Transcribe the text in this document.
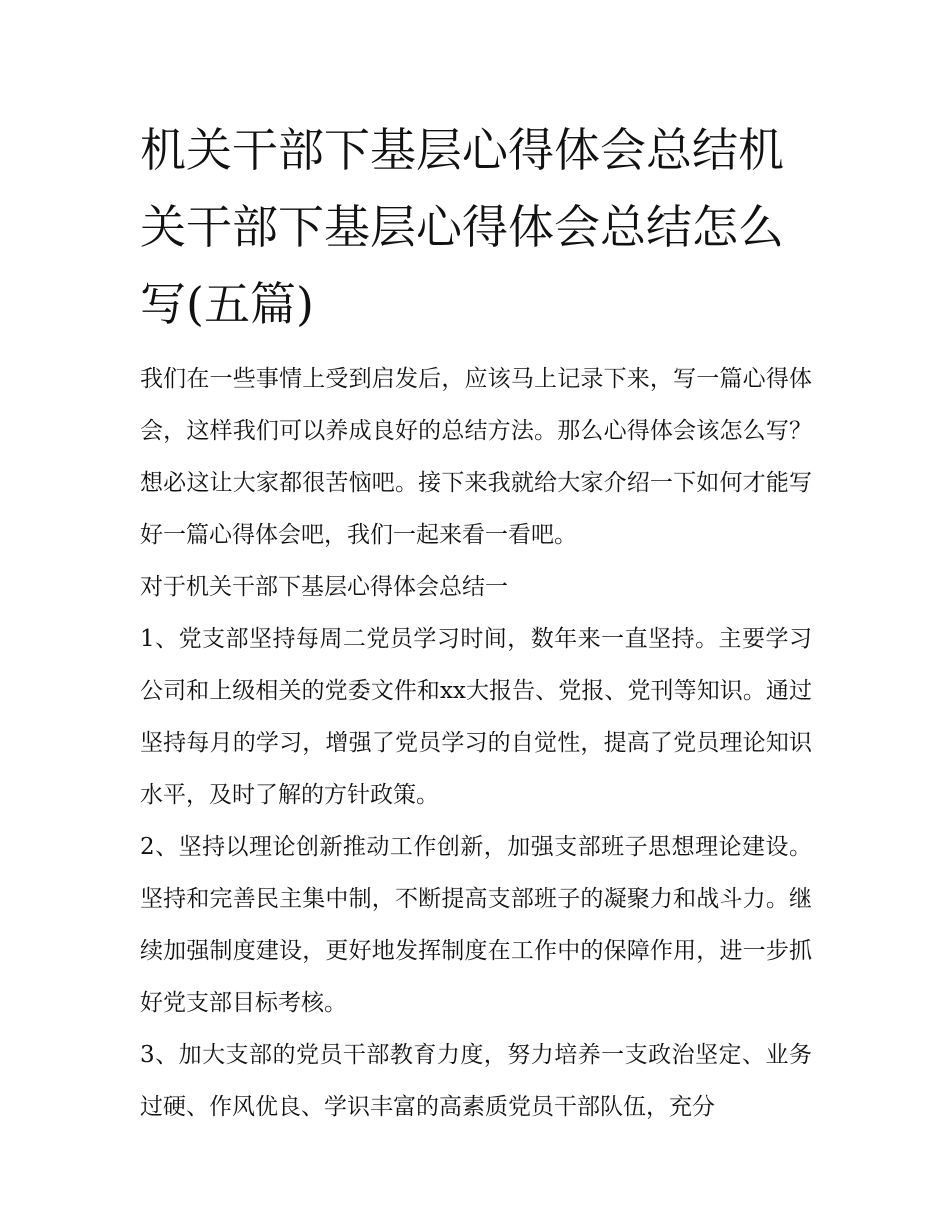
机关干部下基层心得体会总结机关干部下基层心得体会总结怎么写(五篇)

我们在一些事情上受到启发后，应该马上记录下来，写一篇心得体会，这样我们可以养成良好的总结方法。那么心得体会该怎么写？想必这让大家都很苦恼吧。接下来我就给大家介绍一下如何才能写好一篇心得体会吧，我们一起来看一看吧。

对于机关干部下基层心得体会总结一

1、党支部坚持每周二党员学习时间，数年来一直坚持。主要学习公司和上级相关的党委文件和xx大报告、党报、党刊等知识。通过坚持每月的学习，增强了党员学习的自觉性，提高了党员理论知识水平，及时了解的方针政策。

2、坚持以理论创新推动工作创新，加强支部班子思想理论建设。坚持和完善民主集中制，不断提高支部班子的凝聚力和战斗力。继续加强制度建设，更好地发挥制度在工作中的保障作用，进一步抓好党支部目标考核。

3、加大支部的党员干部教育力度，努力培养一支政治坚定、业务过硬、作风优良、学识丰富的高素质党员干部队伍，充分
